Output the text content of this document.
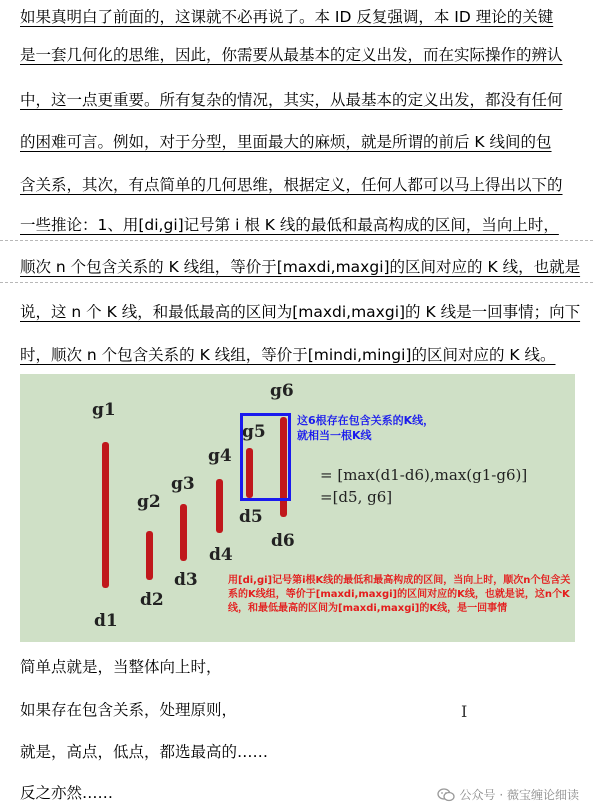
如果真明白了前面的，这课就不必再说了。本 ID 反复强调，本 ID 理论的关键
是一套几何化的思维，因此，你需要从最基本的定义出发，而在实际操作的辨认
中，这一点更重要。所有复杂的情况，其实，从最基本的定义出发，都没有任何
的困难可言。例如，对于分型，里面最大的麻烦，就是所谓的前后 K 线间的包
含关系，其次，有点简单的几何思维，根据定义，任何人都可以马上得出以下的
一些推论：1、用[di,gi]记号第 i 根 K 线的最低和最高构成的区间，当向上时，
顺次 n 个包含关系的 K 线组，等价于[maxdi,maxgi]的区间对应的 K 线，也就是
说，这 n 个 K 线，和最低最高的区间为[maxdi,maxgi]的 K 线是一回事情；向下
时，顺次 n 个包含关系的 K 线组，等价于[mindi,mingi]的区间对应的 K 线。
g1
g2
g3
g4
g5
g6
d1
d2
d3
d4
d5
d6
这6根存在包含关系的K线，
就相当一根K线
= [max(d1-d6),max(g1-g6)]
=[d5, g6]
用[di,gi]记号第i根K线的最低和最高构成的区间，当向上时，顺次n个包含关系的K线组，等价于[maxdi,maxgi]的区间对应的K线，也就是说，这n个K线，和最低最高的区间为[maxdi,maxgi]的K线，是一回事情
简单点就是，当整体向上时，
如果存在包含关系，处理原则，
就是，高点，低点，都选最高的……
反之亦然……
I
公众号 · 薇宝缠论细读
